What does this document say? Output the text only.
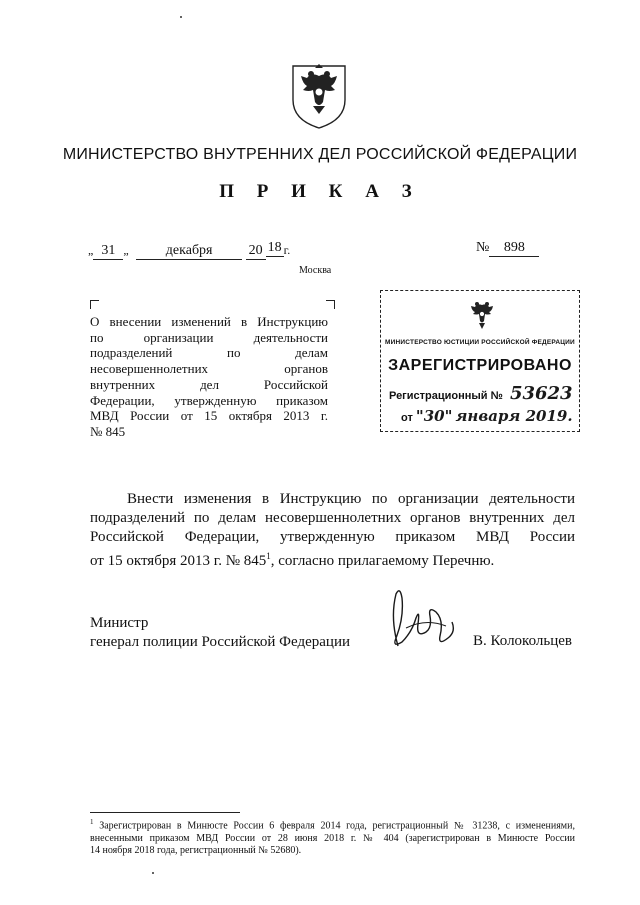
МИНИСТЕРСТВО ВНУТРЕННИХ ДЕЛ РОССИЙСКОЙ ФЕДЕРАЦИИ
П Р И К А З
„ 31 „	декабря	20 18 г.	№ 898
Москва
О внесении изменений в Инструкцию
по организации деятельности
подразделений по делам
несовершеннолетних органов
внутренних дел Российской
Федерации, утвержденную приказом
МВД России от 15 октября 2013 г.
№ 845
МИНИСТЕРСТВО ЮСТИЦИИ РОССИЙСКОЙ ФЕДЕРАЦИИ
ЗАРЕГИСТРИРОВАНО
Регистрационный № 53623
от "30" января 2019.
Внести изменения в Инструкцию по организации деятельности
подразделений по делам несовершеннолетних органов внутренних дел
Российской Федерации, утвержденную приказом МВД России
от 15 октября 2013 г. № $845^1$, согласно прилагаемому Перечню.
Министр
генерал полиции Российской Федерации	В. Колокольцев
$^1$ Зарегистрирован в Минюсте России 6 февраля 2014 года, регистрационный № 31238, с изменениями,
внесенными приказом МВД России от 28 июня 2018 г. № 404 (зарегистрирован в Минюсте России
14 ноября 2018 года, регистрационный № 52680).
